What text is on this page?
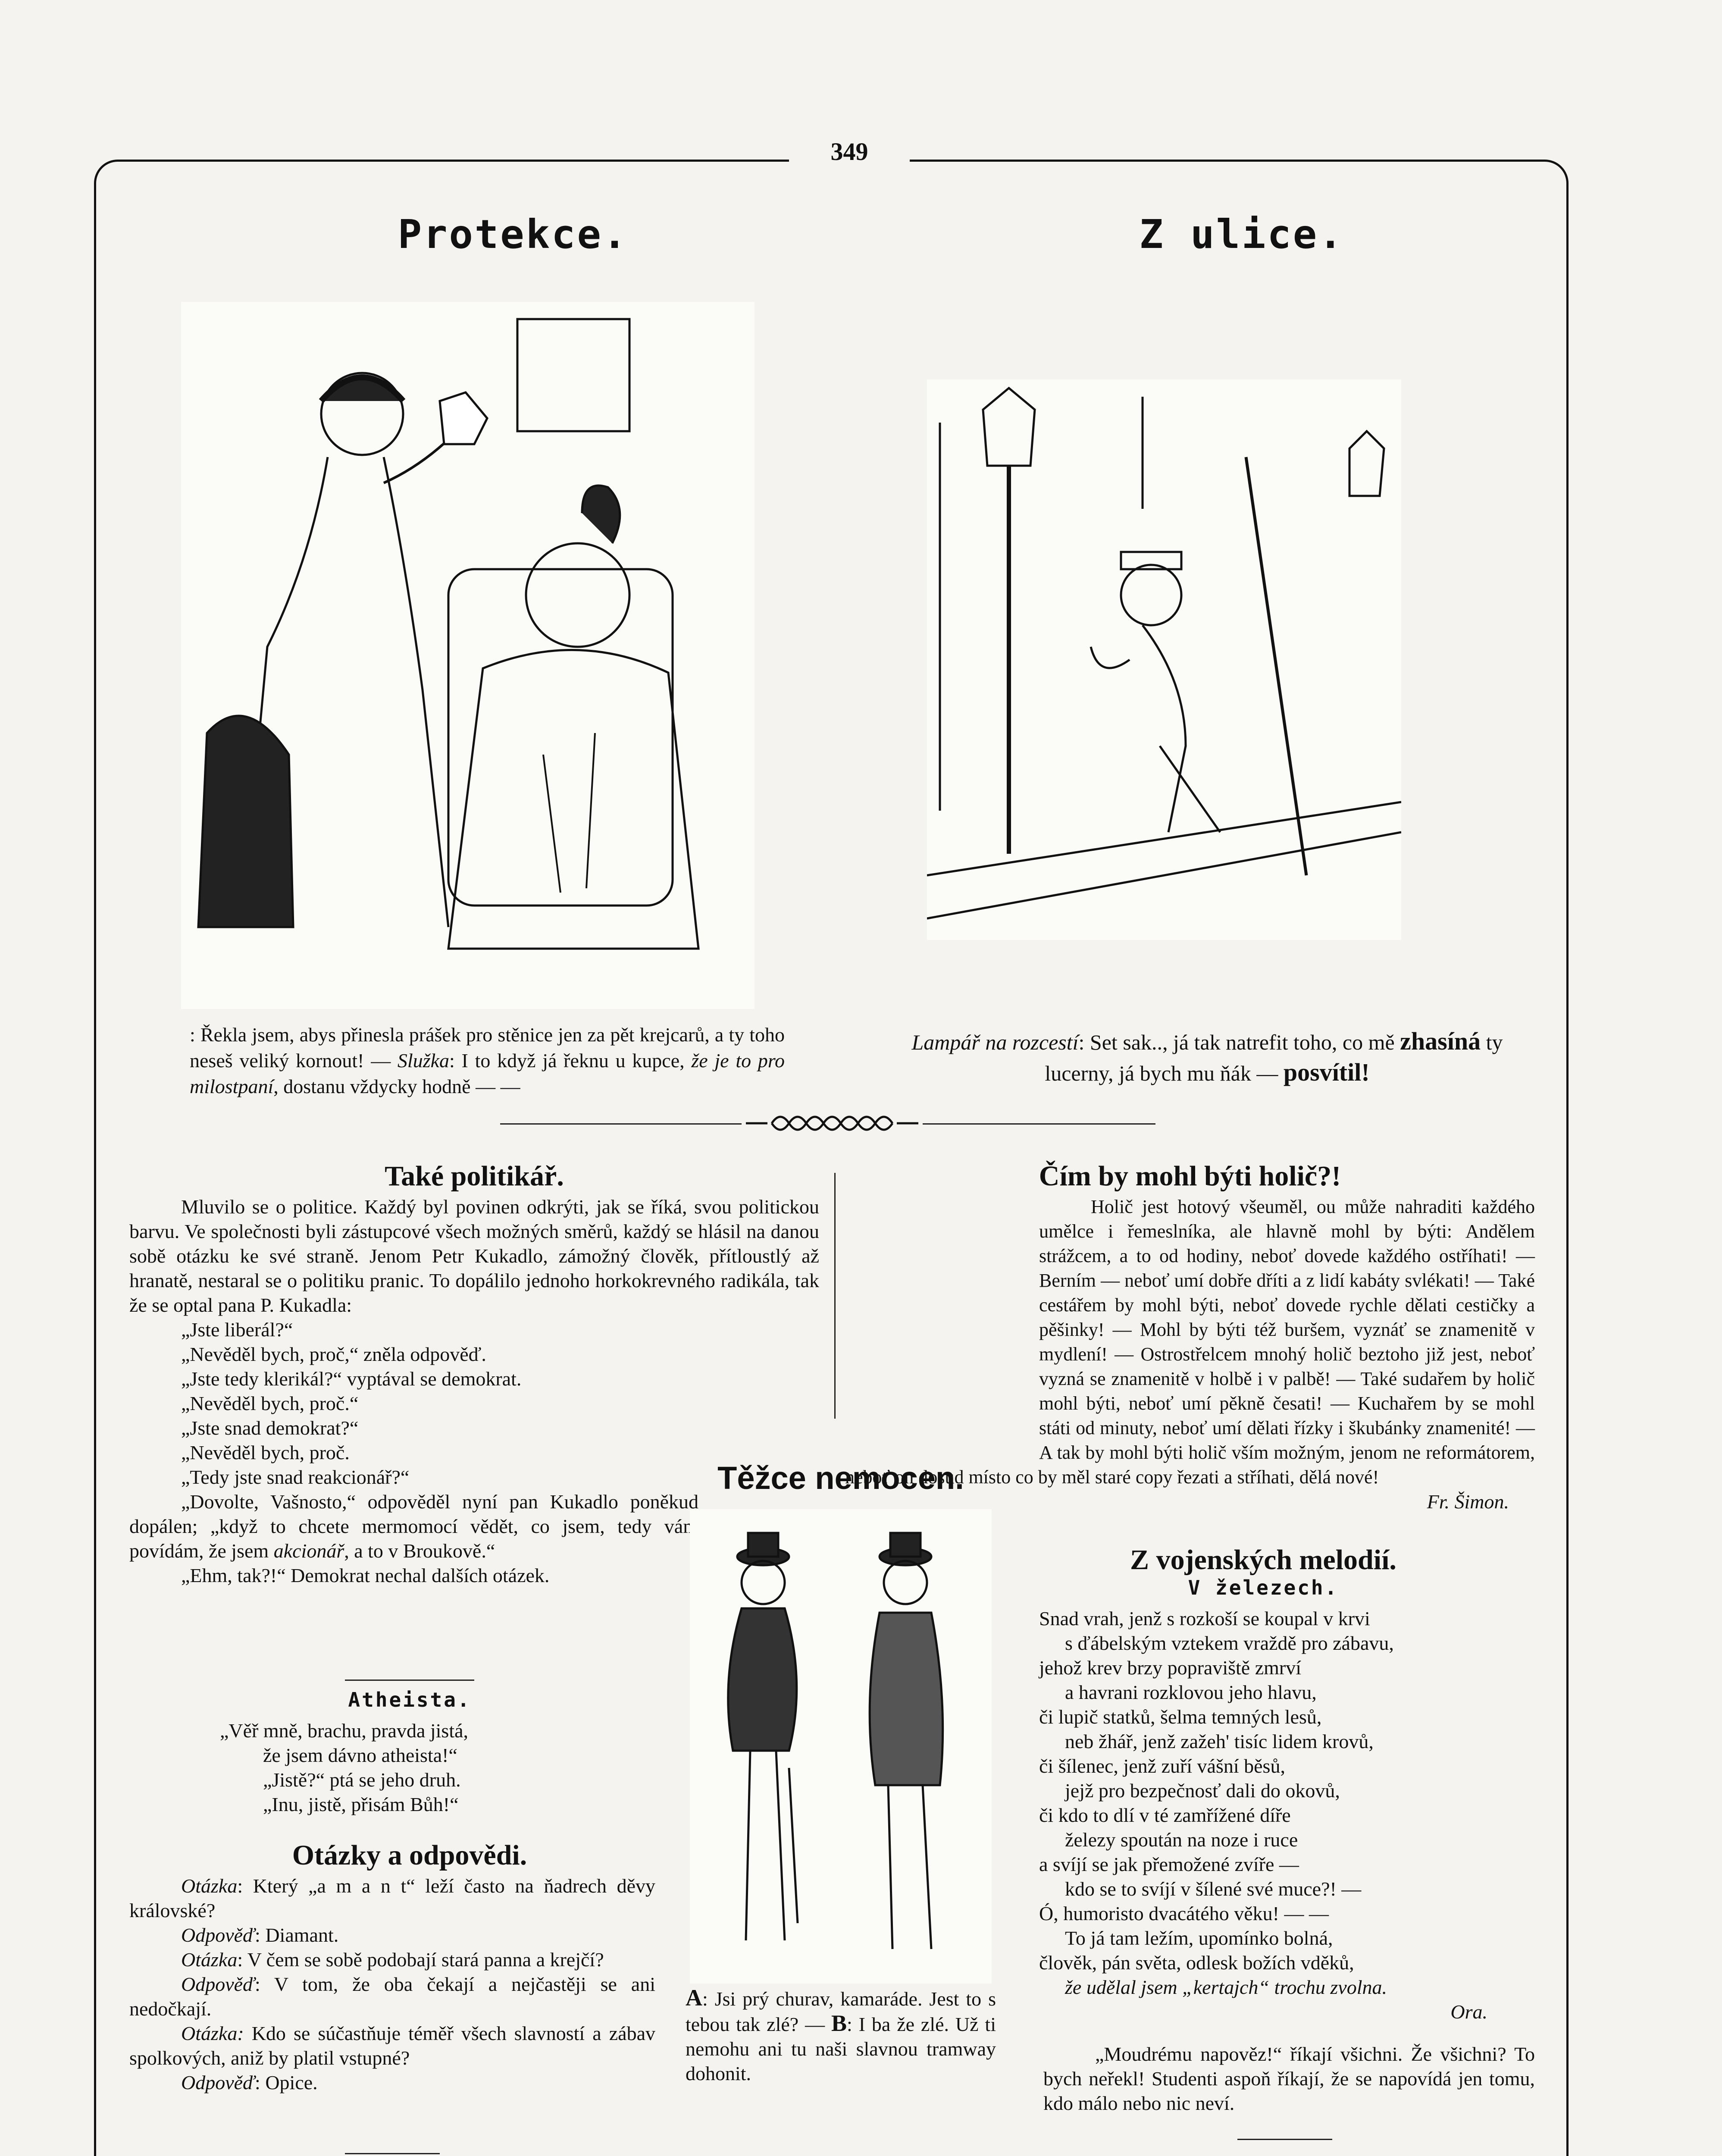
349
Protekce.	Z ulice.
: Řekla jsem, abys přinesla prášek pro stěnice jen za pět krejcarů, a ty toho neseš veliký kornout! — Služka: I to když já řeknu u kupce, že je to pro milostpaní, dostanu vždycky hodně — —
Lampář na rozcestí: Set sak.., já tak natrefit toho, co mě zhasíná ty lucerny, já bych mu ňák — posvítil!
Také politikář.

Mluvilo se o politice. Každý byl povinen odkrýti, jak se říká, svou politickou barvu. Ve společnosti byli zástupcové všech možných směrů, každý se hlásil na danou sobě otázku ke své straně. Jenom Petr Kukadlo, zámožný člověk, přítloustlý až hranatě, nestaral se o politiku pranic. To dopálilo jednoho horkokrevného radikála, tak že se optal pana P. Kukadla:

„Jste liberál?“
„Nevěděl bych, proč,“ zněla odpověď.
„Jste tedy klerikál?“ vyptával se demokrat.
„Nevěděl bych, proč.“
„Jste snad demokrat?“
„Nevěděl bych, proč.
„Tedy jste snad reakcionář?“

„Dovolte, Vašnosto,“ odpověděl nyní pan Kukadlo poněkud dopálen; „když to chcete mermomocí vědět, co jsem, tedy vám povídám, že jsem akcionář, a to v Broukově.“

„Ehm, tak?!“ Demokrat nechal dalších otázek.

Atheista.
„Věř mně, brachu, pravda jistá,
že jsem dávno atheista!“
„Jistě?“ ptá se jeho druh.
„Inu, jistě, přisám Bůh!“
Otázky a odpovědi.

Otázka: Který „a m a n t“ leží často na ňadrech děvy královské?

Odpověď: Diamant.

Otázka: V čem se sobě podobají stará panna a krejčí?

Odpověď: V tom, že oba čekají a nejčastěji se ani nedočkají.

Otázka: Kdo se súčastňuje téměř všech slavností a zábav spolkových, aniž by platil vstupné?

Odpověď: Opice.

Těžce nemocen.

A: Jsi prý churav, kamaráde. Jest to s tebou tak zlé? — B: I ba že zlé. Už ti nemohu ani tu naši slavnou tramway dohonit.

Čím by mohl býti holič?!

Holič jest hotový všeuměl, ou může nahraditi každého umělce i řemeslníka, ale hlavně mohl by býti: Andělem strážcem, a to od hodiny, neboť dovede každého ostříhati! — Berním — neboť umí dobře dříti a z lidí kabáty svlékati! — Také cestářem by mohl býti, neboť dovede rychle dělati cestičky a pěšinky! — Mohl by býti též buršem, vyznáť se znamenitě v mydlení! — Ostrostřelcem mnohý holič beztoho již jest, neboť vyzná se znamenitě v holbě i v palbě! — Také sudařem by holič mohl býti, neboť umí pěkně česati! — Kuchařem by se mohl státi od minuty, neboť umí dělati řízky i škubánky znamenité! — A tak by mohl býti holič vším možným, jenom ne reformátorem, neboť on dosud místo co by měl staré copy řezati a stříhati, dělá nové!

Fr. Šimon.
Z vojenských melodií.
V železech.
Snad vrah, jenž s rozkoší se koupal v krvi
s ďábelským vztekem vraždě pro zábavu,
jehož krev brzy popraviště zmrví
a havrani rozklovou jeho hlavu,
či lupič statků, šelma temných lesů,
neb žhář, jenž zažeh' tisíc lidem krovů,
či šílenec, jenž zuří vášní běsů,
jejž pro bezpečnosť dali do okovů,
či kdo to dlí v té zamřížené díře
železy spoután na noze i ruce
a svíjí se jak přemožené zvíře —
kdo se to svíjí v šílené své muce?! —
Ó, humoristo dvacátého věku! — —
To já tam ležím, upomínko bolná,
člověk, pán světa, odlesk božích vděků,
že udělal jsem „kertajch“ trochu zvolna.
Ora.

„Moudrému napověz!“ říkají všichni. Že všichni? To bych neřekl! Studenti aspoň říkají, že se napovídá jen tomu, kdo málo nebo nic neví.
